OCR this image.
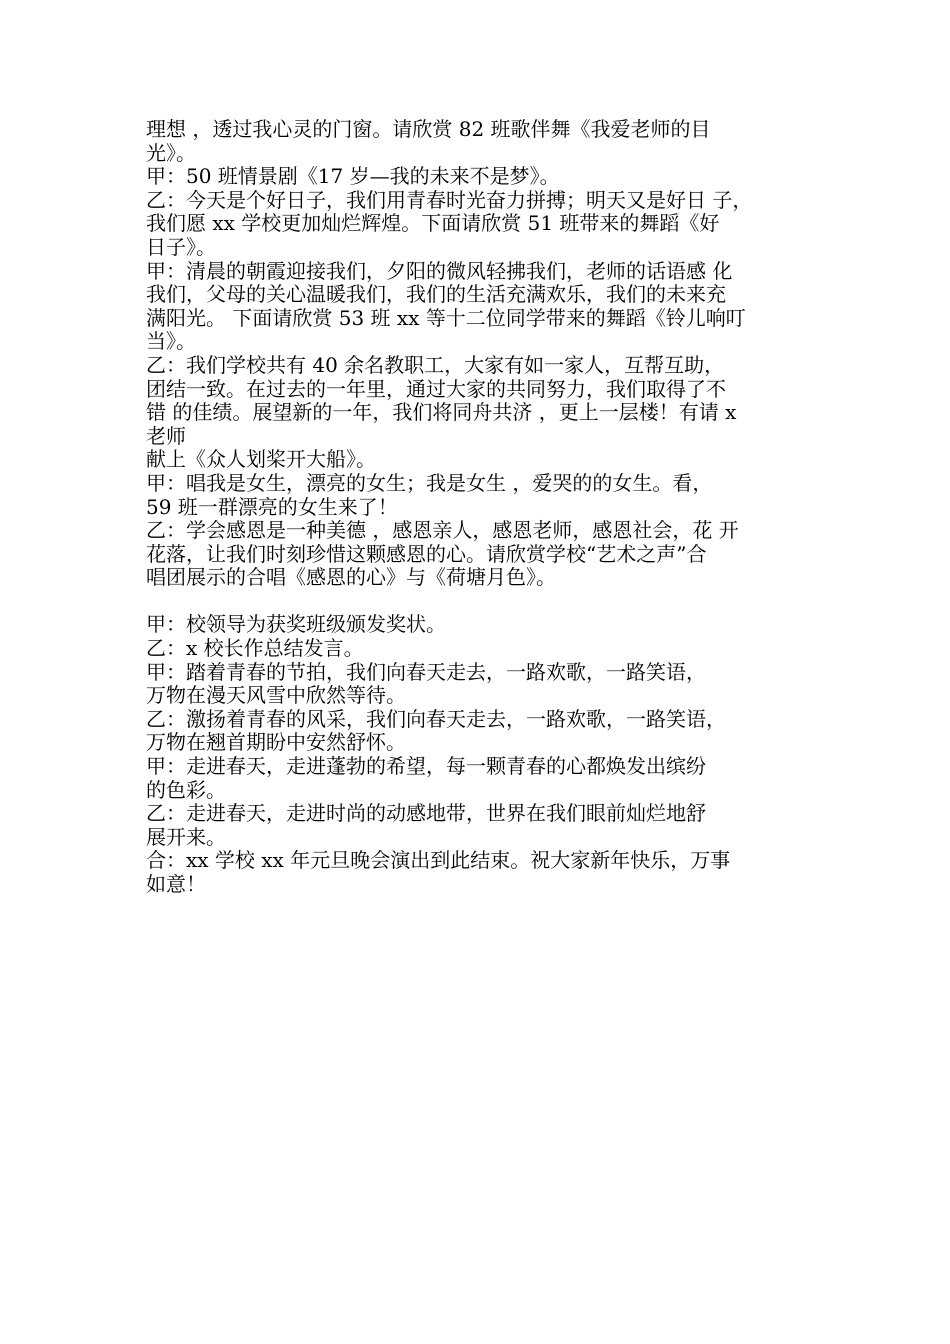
理想 ，透过我心灵的门窗。请欣赏 82 班歌伴舞《我爱老师的目

光》。

甲：50 班情景剧《17 岁—我的未来不是梦》。

乙：今天是个好日子，我们用青春时光奋力拼搏；明天又是好日 子，

我们愿 xx 学校更加灿烂辉煌。下面请欣赏 51 班带来的舞蹈《好

日子》。

甲：清晨的朝霞迎接我们，夕阳的微风轻拂我们，老师的话语感 化

我们，父母的关心温暖我们，我们的生活充满欢乐，我们的未来充

满阳光。 下面请欣赏 53 班 xx 等十二位同学带来的舞蹈《铃儿响叮

当》。

乙：我们学校共有 40 余名教职工，大家有如一家人，互帮互助，

团结一致。在过去的一年里，通过大家的共同努力，我们取得了不

错 的佳绩。展望新的一年，我们将同舟共济 ，更上一层楼！有请 x

老师

献上《众人划桨开大船》。

甲：唱我是女生，漂亮的女生；我是女生 ，爱哭的的女生。看，

59 班一群漂亮的女生来了！

乙：学会感恩是一种美德 ，感恩亲人，感恩老师，感恩社会，花 开

花落，让我们时刻珍惜这颗感恩的心。请欣赏学校“艺术之声”合

唱团展示的合唱《感恩的心》与《荷塘月色》。

甲：校领导为获奖班级颁发奖状。

乙：x 校长作总结发言。

甲：踏着青春的节拍，我们向春天走去，一路欢歌，一路笑语，

万物在漫天风雪中欣然等待。

乙：激扬着青春的风采，我们向春天走去，一路欢歌，一路笑语，

万物在翘首期盼中安然舒怀。

甲：走进春天，走进蓬勃的希望，每一颗青春的心都焕发出缤纷

的色彩。

乙：走进春天，走进时尚的动感地带，世界在我们眼前灿烂地舒

展开来。

合：xx 学校 xx 年元旦晚会演出到此结束。祝大家新年快乐，万事

如意！
